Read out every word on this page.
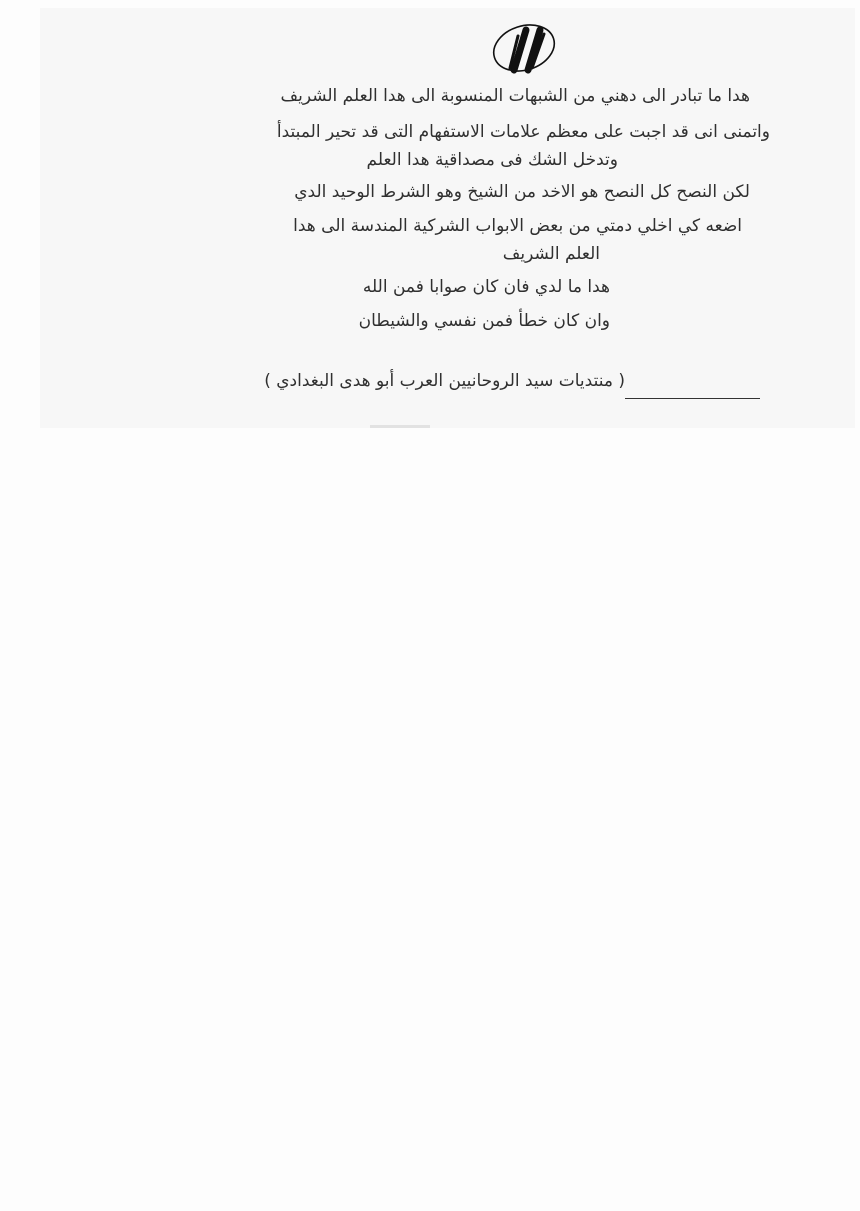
11
هدا ما تبادر الى دهني من الشبهات المنسوبة الى هدا العلم الشريف
واتمنى انى قد اجبت على معظم علامات الاستفهام التى قد تحير المبتدأ
وتدخل الشك فى مصداقية هدا العلم
لكن النصح كل النصح هو الاخد من الشيخ وهو الشرط الوحيد الدي
اضعه كي اخلي دمتي من بعض الابواب الشركية المندسة الى هدا
العلم الشريف
هدا ما لدي فان كان صوابا فمن الله
وان كان خطأ فمن نفسي والشيطان
( منتديات سيد الروحانيين العرب أبو هدى البغدادي )
